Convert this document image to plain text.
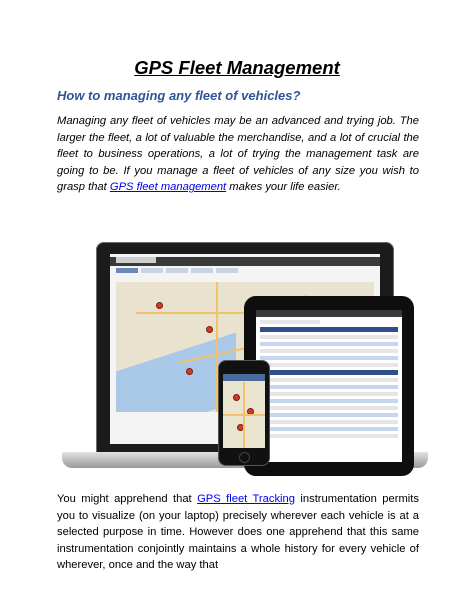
GPS Fleet Management
How to managing any fleet of vehicles?
Managing any fleet of vehicles may be an advanced and trying job. The larger the fleet, a lot of valuable the merchandise, and a lot of crucial the fleet to business operations, a lot of trying the management task are going to be. If you manage a fleet of vehicles of any size you wish to grasp that GPS fleet management makes your life easier.
You might apprehend that GPS fleet Tracking instrumentation permits you to visualize (on your laptop) precisely wherever each vehicle is at a selected purpose in time. However does one apprehend that this same instrumentation conjointly maintains a whole history for every vehicle of wherever, once and the way that
